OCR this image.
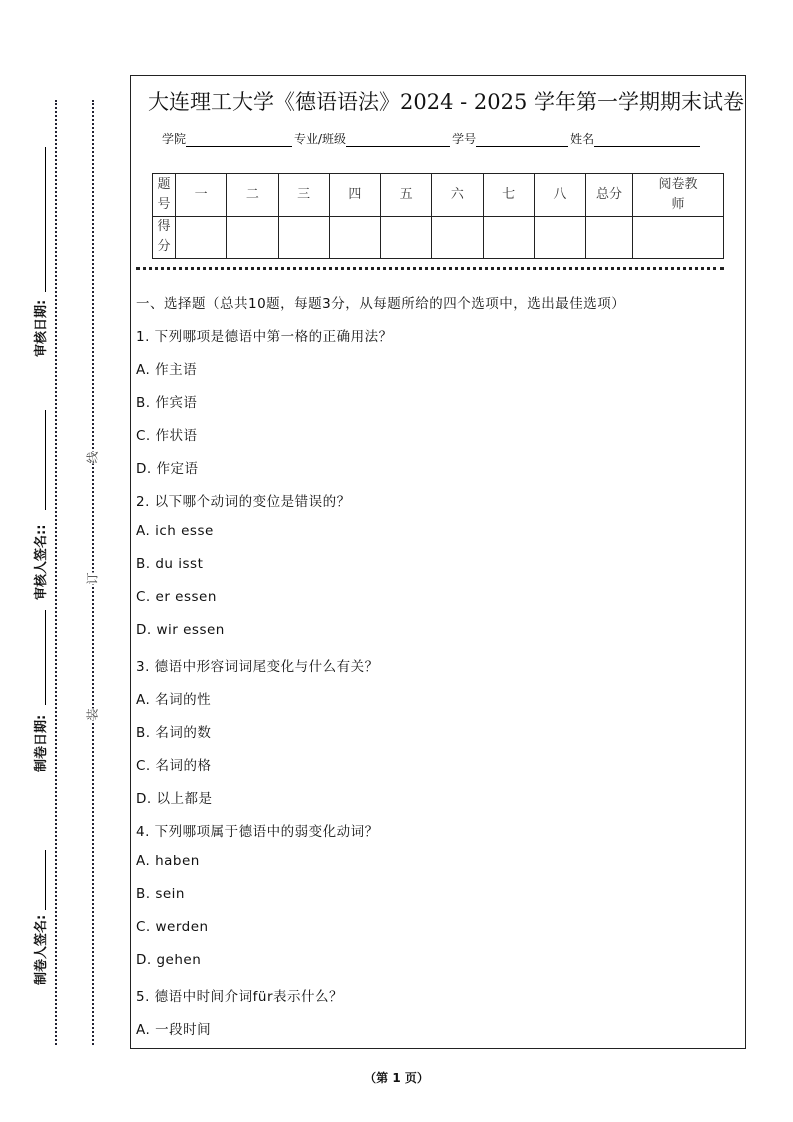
制卷人签名:
制卷日期:
审核人签名::
审核日期:
装
订
线
大连理工大学《德语语法》2024 - 2025 学年第一学期期末试卷
学院	专业/班级	学号	姓名
题号	一	二	三	四	五	六	七	八	总分	阅卷教师
得分										
一、选择题（总共10题，每题3分，从每题所给的四个选项中，选出最佳选项）
1. 下列哪项是德语中第一格的正确用法？
A. 作主语
B. 作宾语
C. 作状语
D. 作定语
2. 以下哪个动词的变位是错误的？
A. ich esse
B. du isst
C. er essen
D. wir essen
3. 德语中形容词词尾变化与什么有关？
A. 名词的性
B. 名词的数
C. 名词的格
D. 以上都是
4. 下列哪项属于德语中的弱变化动词？
A. haben
B. sein
C. werden
D. gehen
5. 德语中时间介词für表示什么？
A. 一段时间
（第 1 页）
